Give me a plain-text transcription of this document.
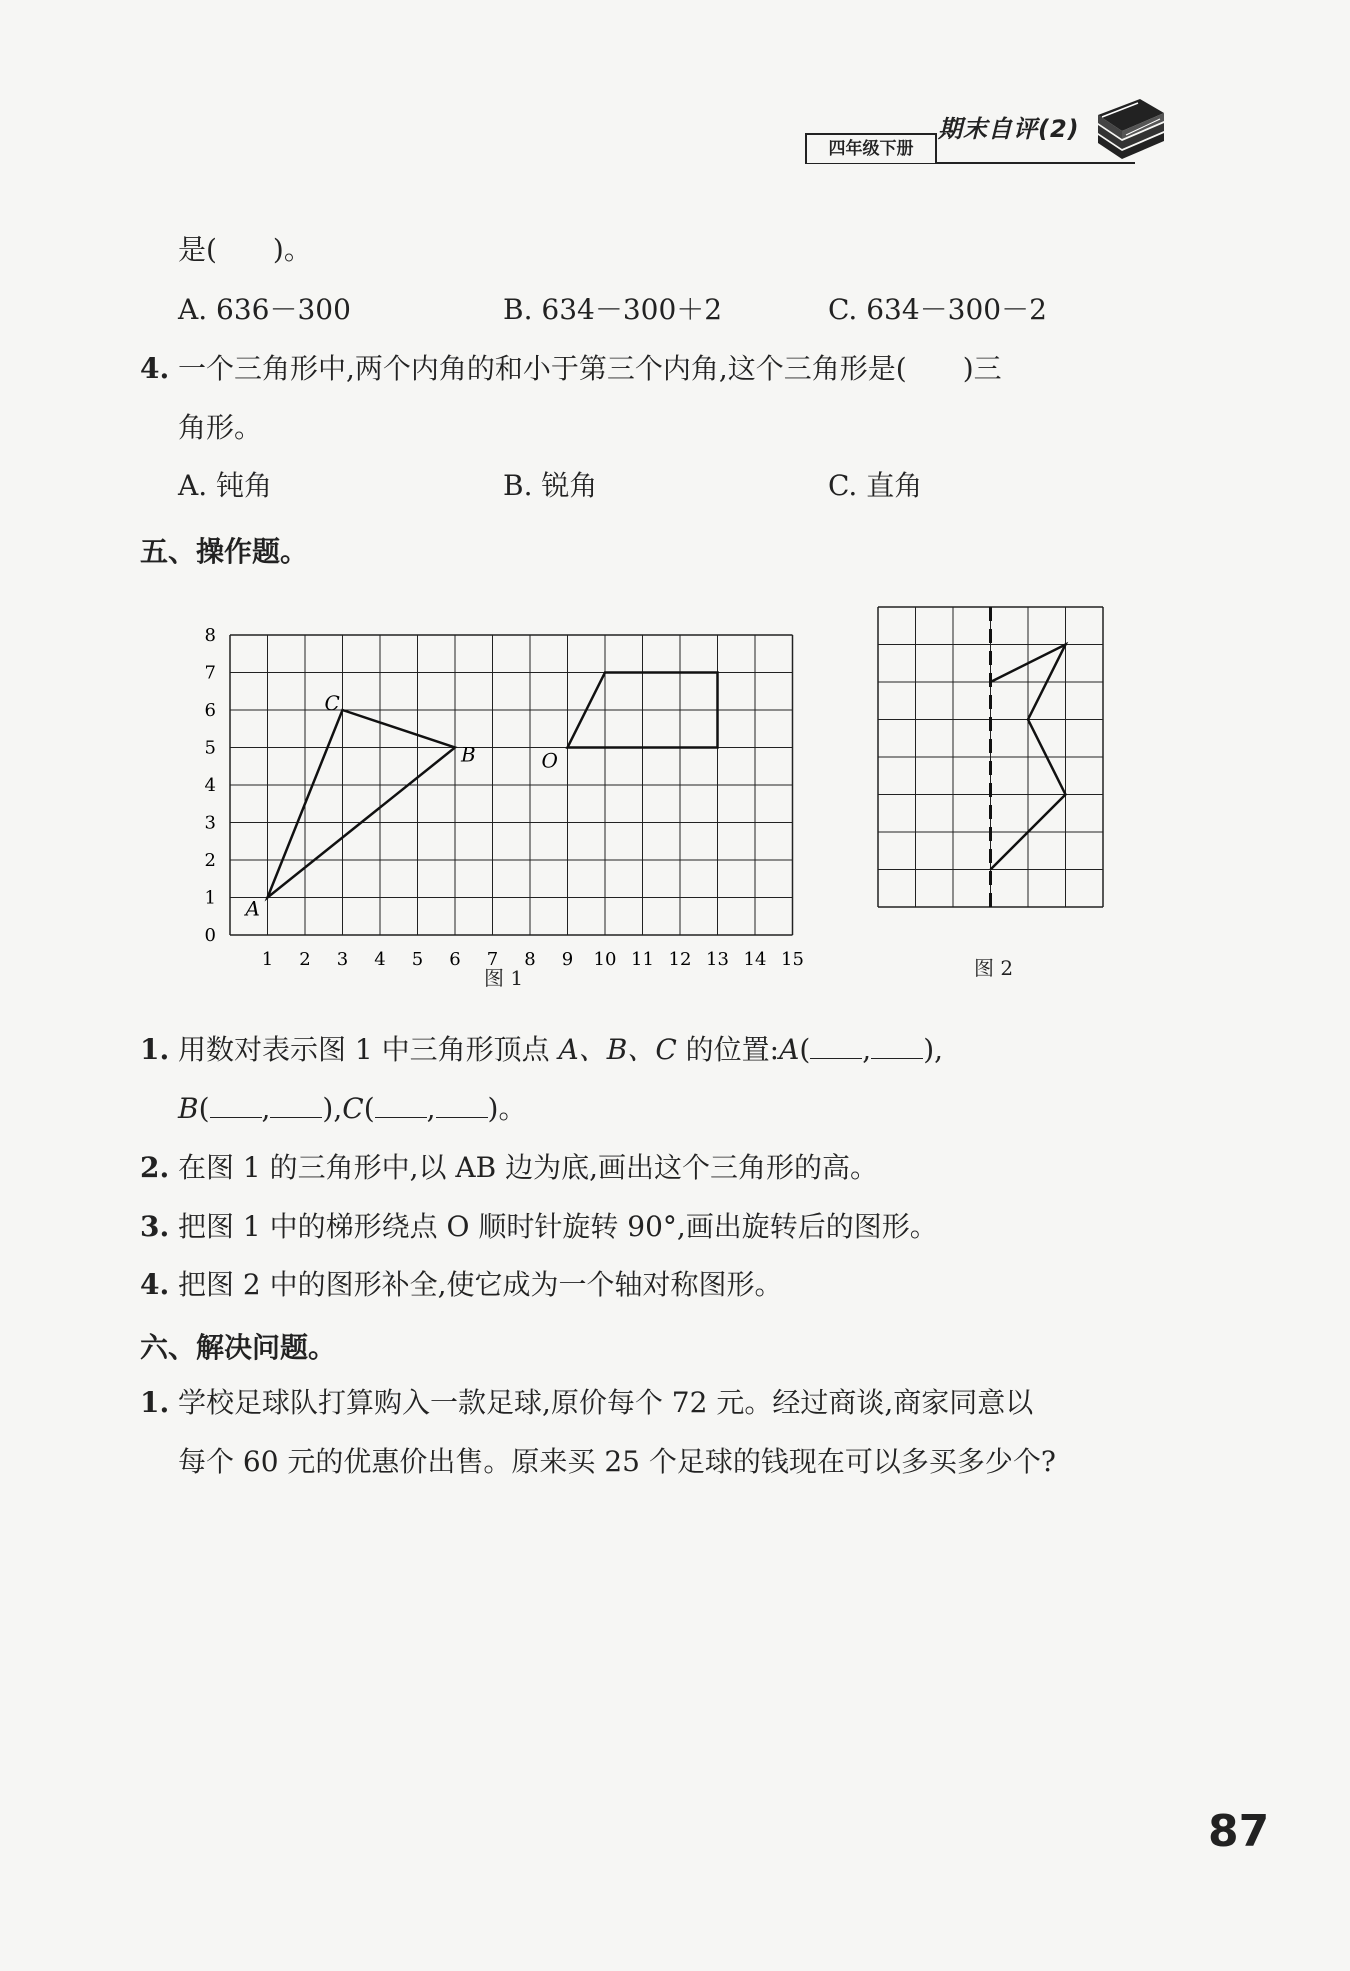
四年级下册
期末自评(2)
是(　　)。
A. 636－300	B. 634－300＋2	C. 634－300－2
4. 一个三角形中,两个内角的和小于第三个内角,这个三角形是(　　)三
角形。
A. 钝角	B. 锐角	C. 直角
五、操作题。
1 2 3 4 5 6 7 8 9 10 11 12 13 14 15
0
1
2
3
4
5
6
7
8
A
B
C
O
图 1	图 2
1. 用数对表示图 1 中三角形顶点 A、B、C 的位置:A( , ),
B( , ),C( , )。
2. 在图 1 的三角形中,以 AB 边为底,画出这个三角形的高。
3. 把图 1 中的梯形绕点 O 顺时针旋转 90°,画出旋转后的图形。
4. 把图 2 中的图形补全,使它成为一个轴对称图形。
六、解决问题。
1. 学校足球队打算购入一款足球,原价每个 72 元。经过商谈,商家同意以
每个 60 元的优惠价出售。原来买 25 个足球的钱现在可以多买多少个?
87
